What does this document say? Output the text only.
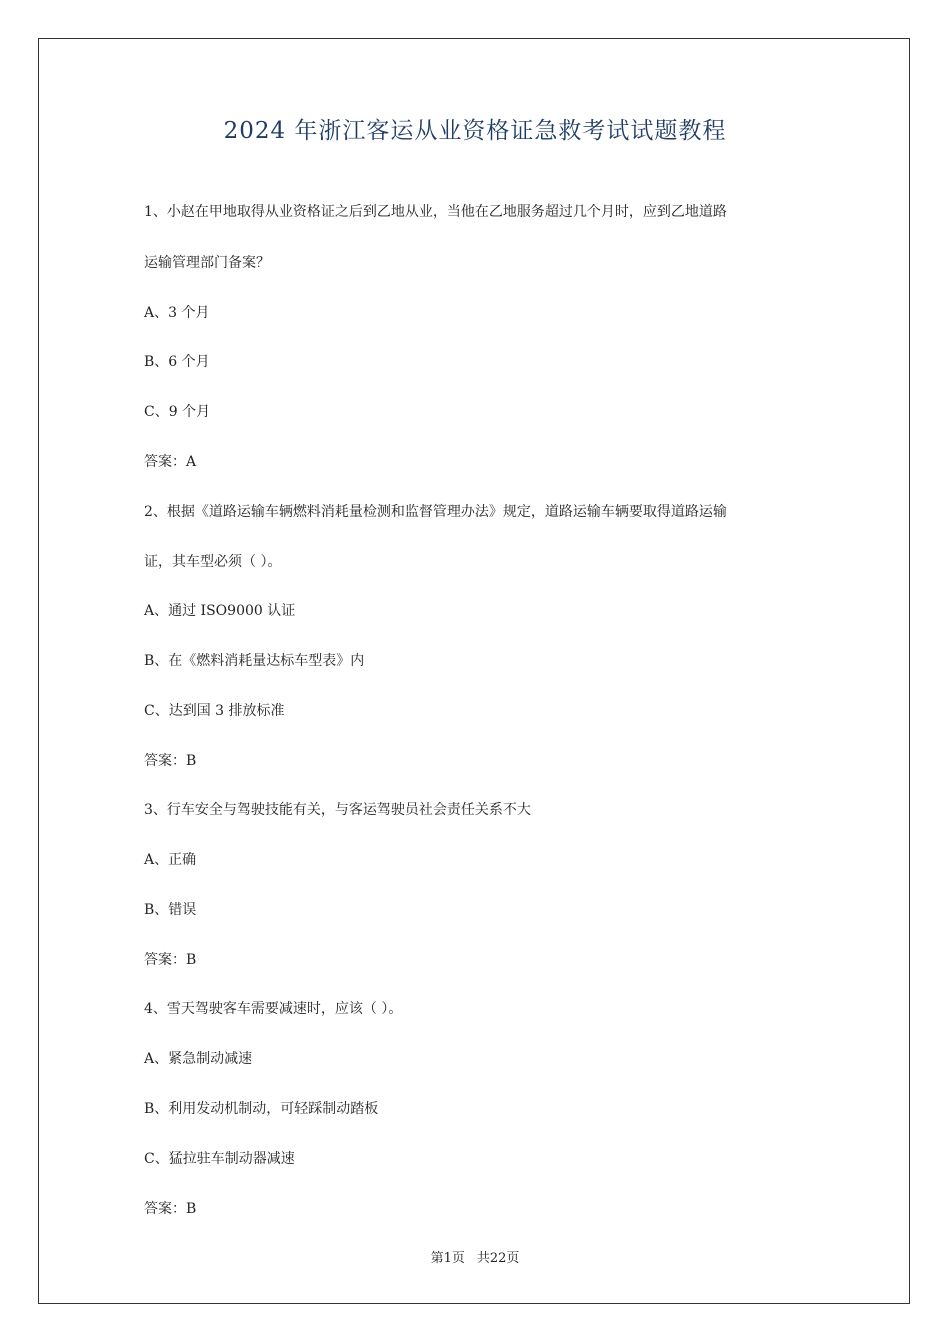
2024 年浙江客运从业资格证急救考试试题教程
1、小赵在甲地取得从业资格证之后到乙地从业，当他在乙地服务超过几个月时，应到乙地道路
运输管理部门备案？
A、3 个月
B、6 个月
C、9 个月
答案：A
2、根据《道路运输车辆燃料消耗量检测和监督管理办法》规定，道路运输车辆要取得道路运输
证，其车型必须（ ）。
A、通过 ISO9000 认证
B、在《燃料消耗量达标车型表》内
C、达到国 3 排放标准
答案：B
3、行车安全与驾驶技能有关，与客运驾驶员社会责任关系不大
A、正确
B、错误
答案：B
4、雪天驾驶客车需要减速时，应该（ ）。
A、紧急制动减速
B、利用发动机制动，可轻踩制动踏板
C、猛拉驻车制动器减速
答案：B
第1页 共22页
